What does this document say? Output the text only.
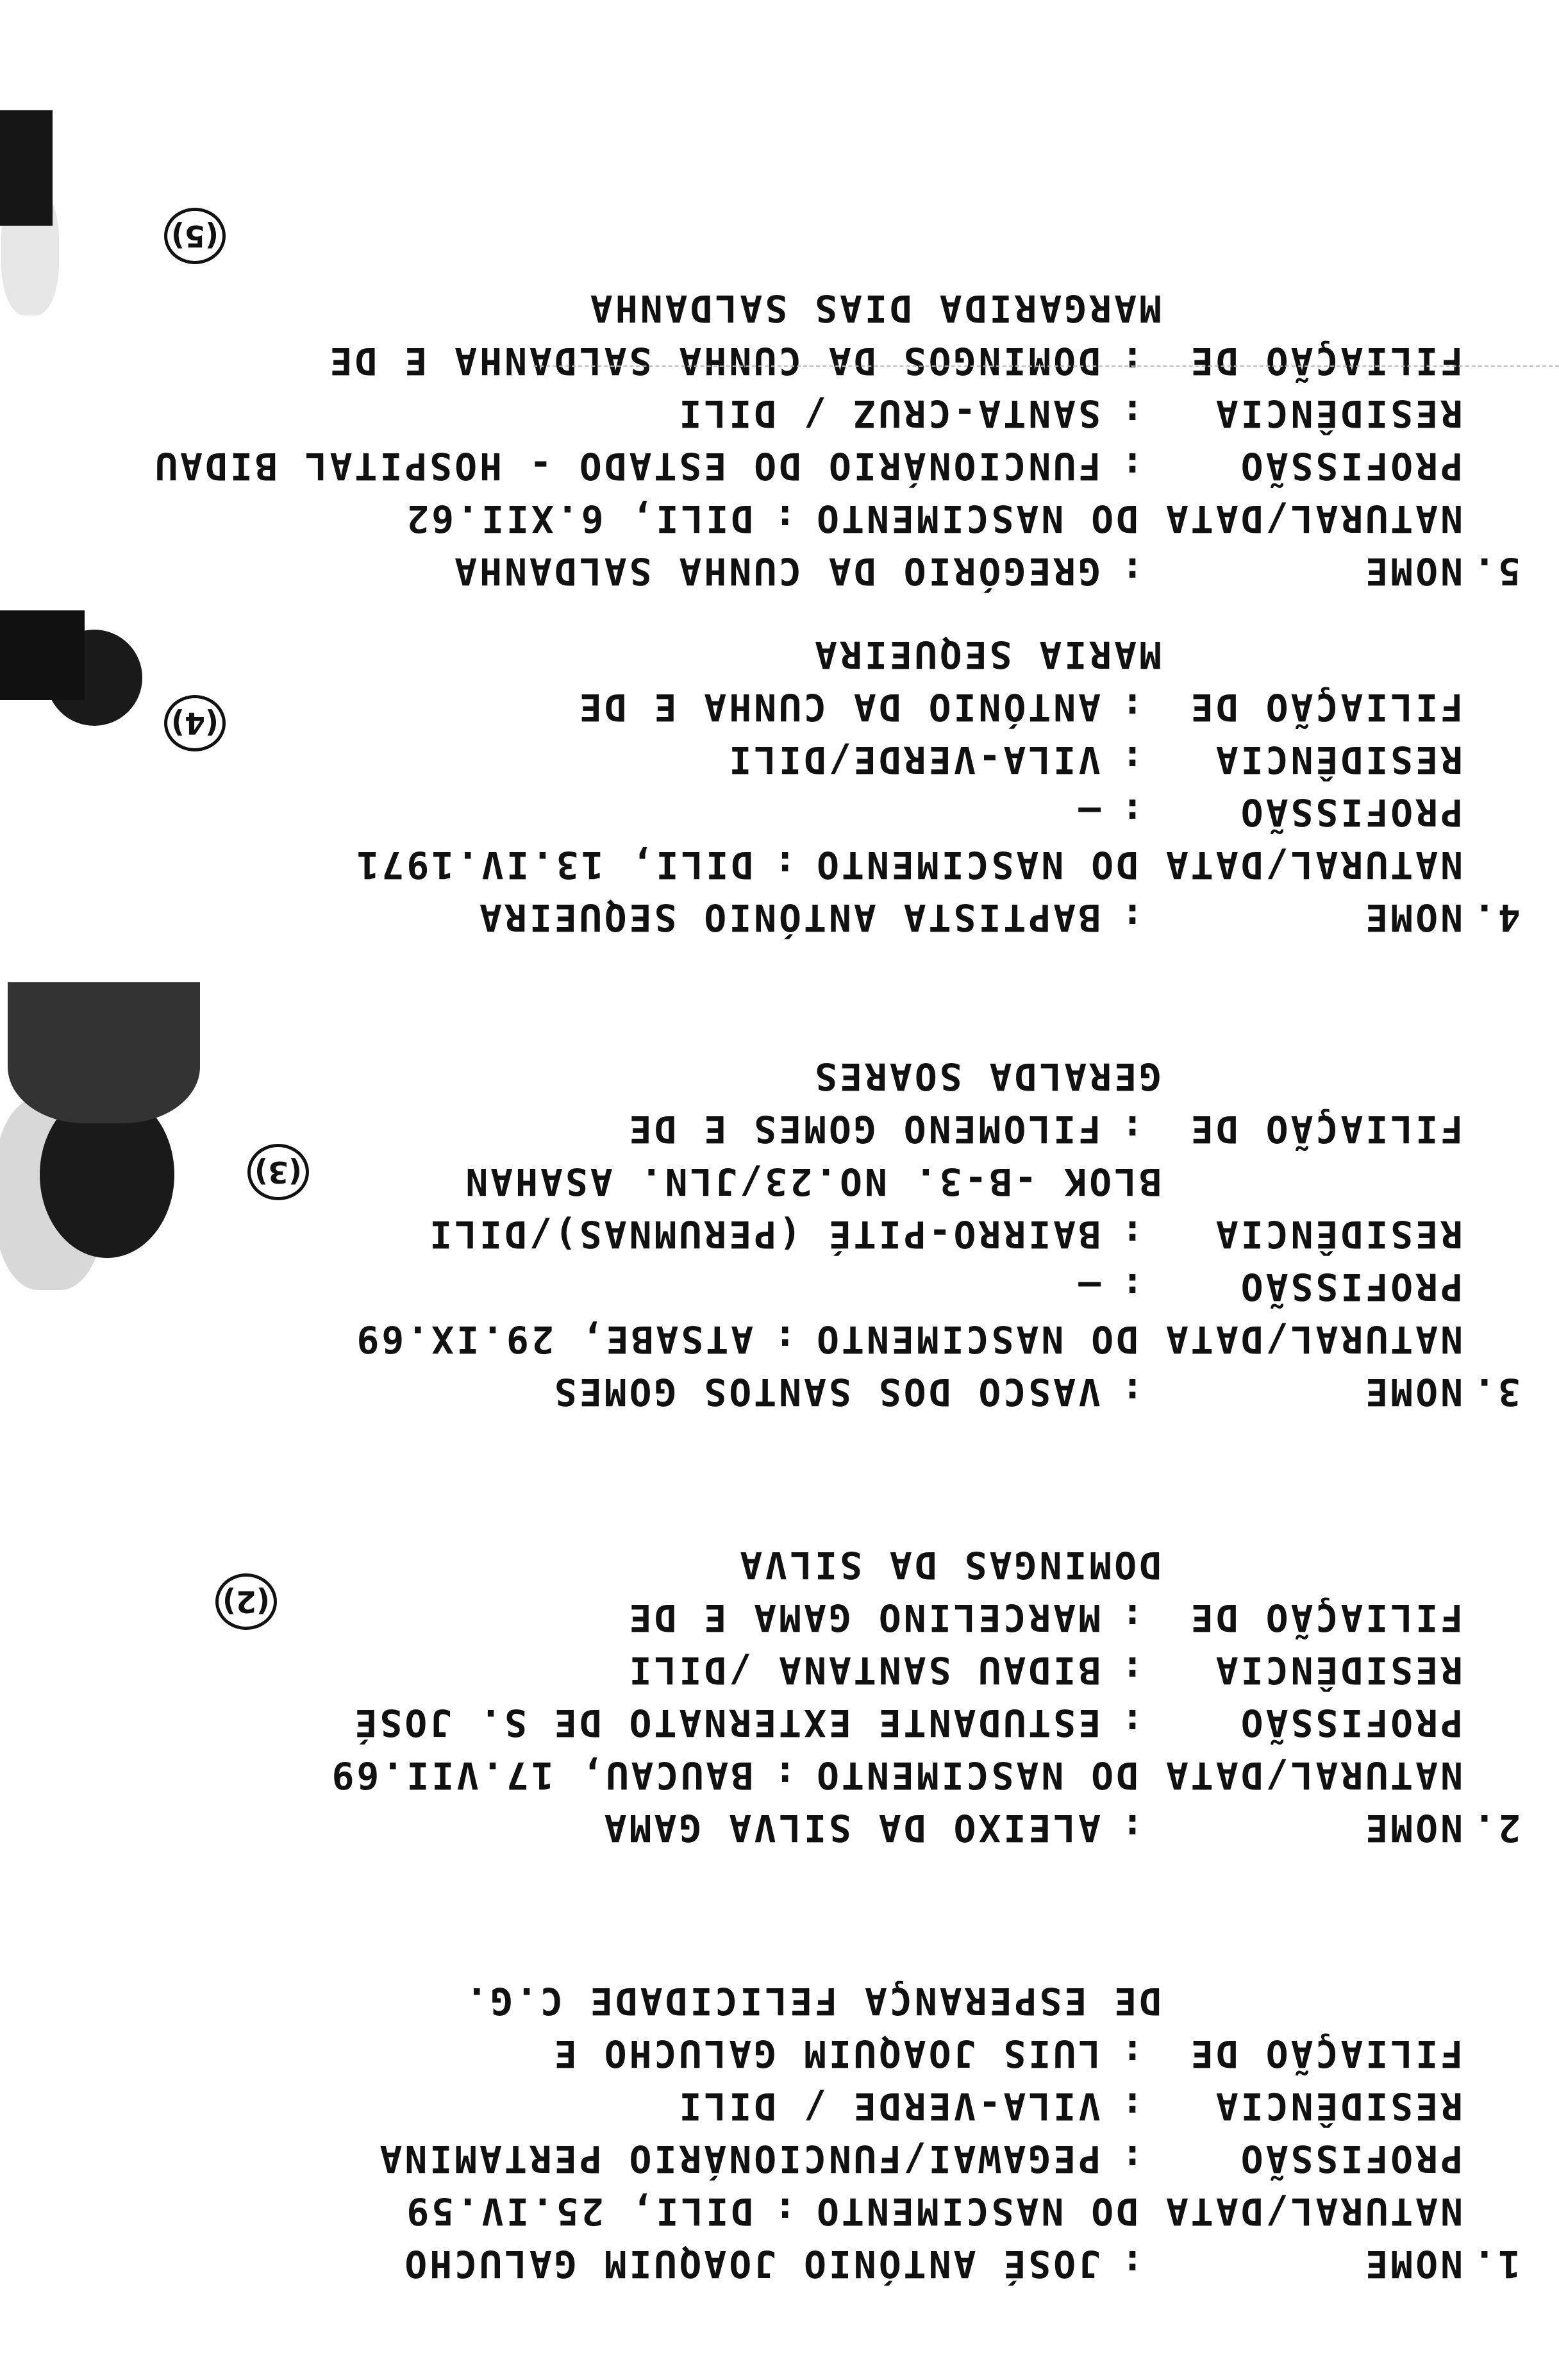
1.
NOME
:
JOSÉ ANTÓNIO JOAQUIM GALUCHO
NATURAL/DATA DO NASCIMENTO
:
DILI, 25.IV.59
PROFISSÃO
:
PEGAWAI/FUNCIONÁRIO PERTAMINA
RESIDÊNCIA
:
VILA-VERDE / DILI
FILIAÇÃO DE
:
LUIS JOAQUIM GALUCHO E
DE ESPERANÇA FELICIDADE C.G.
2.
NOME
:
ALEIXO DA SILVA GAMA
NATURAL/DATA DO NASCIMENTO
:
BAUCAU, 17.VII.69
PROFISSÃO
:
ESTUDANTE EXTERNATO DE S. JOSÉ
RESIDÊNCIA
:
BIDAU SANTANA /DILI
FILIAÇÃO DE
:
MARCELINO GAMA E DE
DOMINGAS DA SILVA
3.
NOME
:
VASCO DOS SANTOS GOMES
NATURAL/DATA DO NASCIMENTO
:
ATSABE, 29.IX.69
PROFISSÃO
:
—
RESIDÊNCIA
:
BAIRRO-PITÉ (PERUMNAS)/DILI
BLOK -B-3. NO.23/JLN. ASAHAN
FILIAÇÃO DE
:
FILOMENO GOMES E DE
GERALDA SOARES
4.
NOME
:
BAPTISTA ANTÓNIO SEQUEIRA
NATURAL/DATA DO NASCIMENTO
:
DILI, 13.IV.1971
PROFISSÃO
:
—
RESIDÊNCIA
:
VILA-VERDE/DILI
FILIAÇÃO DE
:
ANTÓNIO DA CUNHA E DE
MARIA SEQUEIRA
5.
NOME
:
GREGÓRIO DA CUNHA SALDANHA
NATURAL/DATA DO NASCIMENTO
:
DILI, 6.XII.62
PROFISSÃO
:
FUNCIONÁRIO DO ESTADO - HOSPITAL BIDAU
RESIDÊNCIA
:
SANTA-CRUZ / DILI
FILIAÇÃO DE
:
DOMINGOS DA CUNHA SALDANHA E DE
MARGARIDA DIAS SALDANHA
(2)
(3)
(4)
(5)
